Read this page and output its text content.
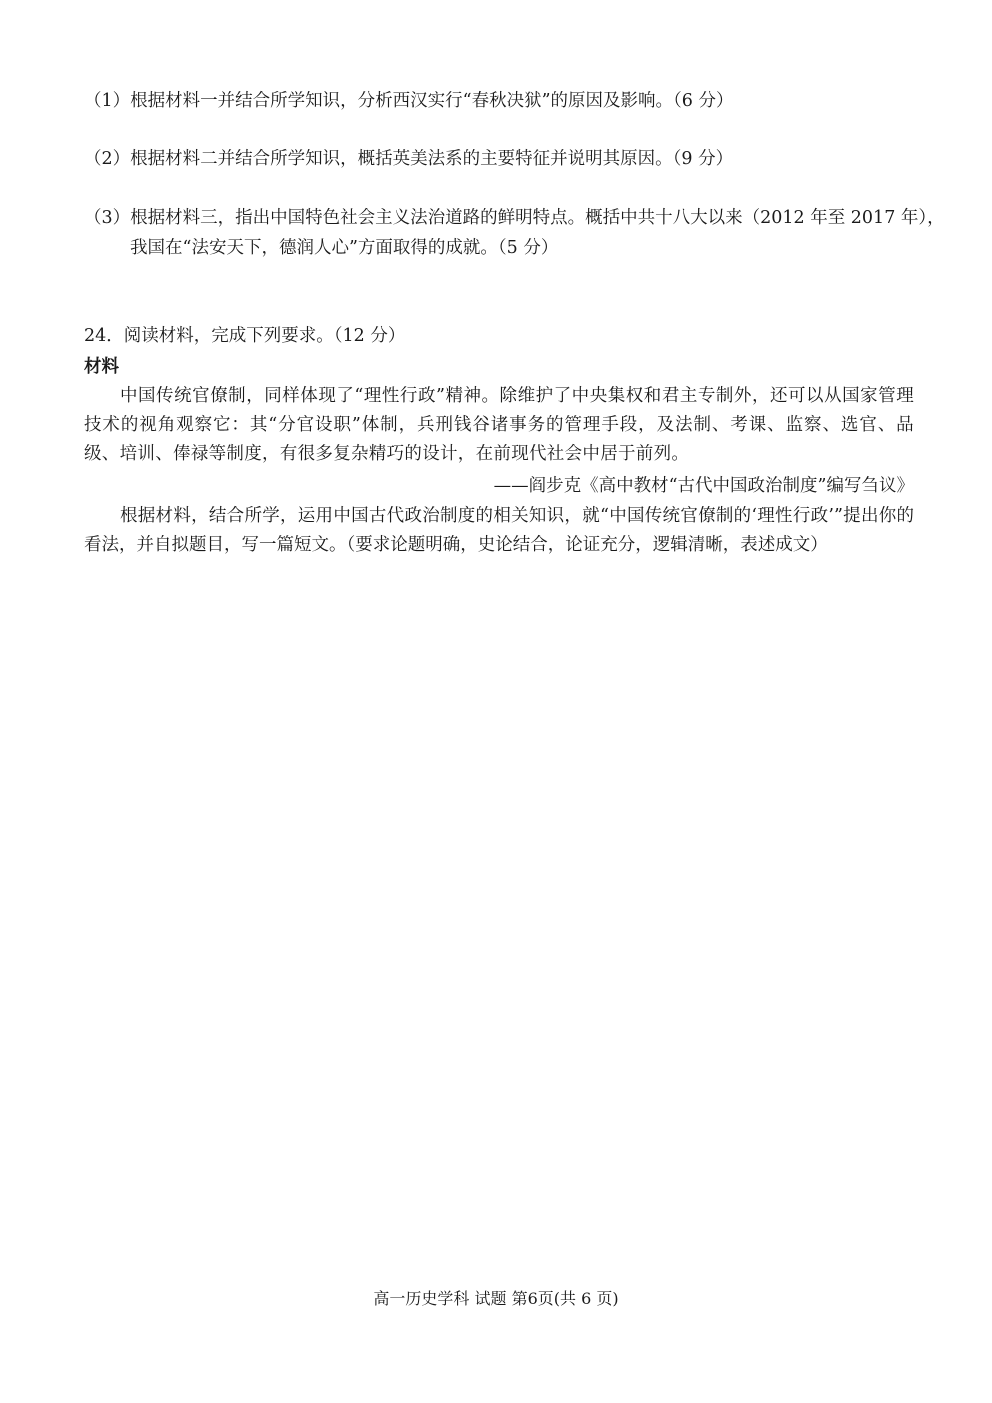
（1）根据材料一并结合所学知识，分析西汉实行“春秋决狱”的原因及影响。（6 分）
（2）根据材料二并结合所学知识，概括英美法系的主要特征并说明其原因。（9 分）
（3）根据材料三，指出中国特色社会主义法治道路的鲜明特点。概括中共十八大以来（2012 年至 2017 年），我国在“法安天下，德润人心”方面取得的成就。（5 分）
24．阅读材料，完成下列要求。（12 分）
材料
中国传统官僚制，同样体现了“理性行政”精神。除维护了中央集权和君主专制外，还可以从国家管理技术的视角观察它：其“分官设职”体制，兵刑钱谷诸事务的管理手段，及法制、考课、监察、选官、品级、培训、俸禄等制度，有很多复杂精巧的设计，在前现代社会中居于前列。
——阎步克《高中教材“古代中国政治制度”编写刍议》
根据材料，结合所学，运用中国古代政治制度的相关知识，就“中国传统官僚制的‘理性行政’”提出你的看法，并自拟题目，写一篇短文。（要求论题明确，史论结合，论证充分，逻辑清晰，表述成文）
高一历史学科 试题 第6页(共 6 页)
